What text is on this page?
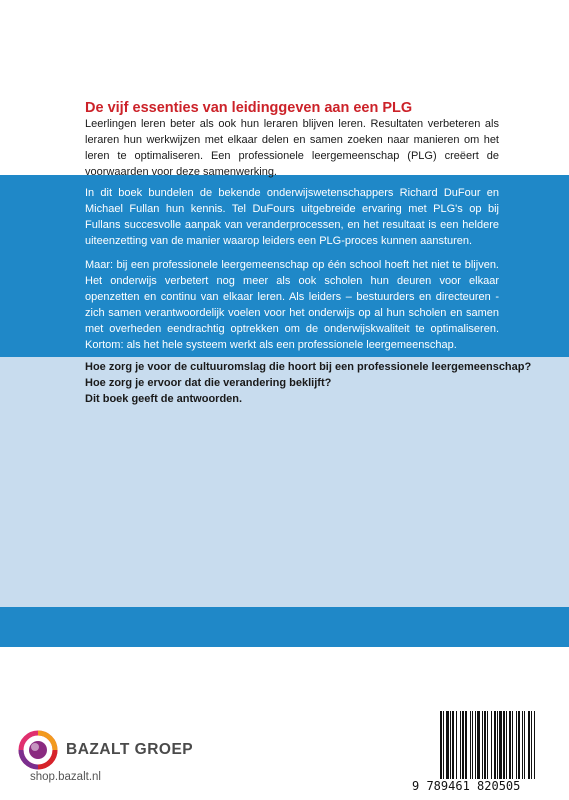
De vijf essenties van leidinggeven aan een PLG

Leerlingen leren beter als ook hun leraren blijven leren. Resultaten verbeteren als leraren hun werkwijzen met elkaar delen en samen zoeken naar manieren om het leren te optimaliseren. Een professionele leergemeenschap (PLG) creëert de voorwaarden voor deze samenwerking.

In dit boek bundelen de bekende onderwijswetenschappers Richard DuFour en Michael Fullan hun kennis. Tel DuFours uitgebreide ervaring met PLG's op bij Fullans succesvolle aanpak van veranderprocessen, en het resultaat is een heldere uiteenzetting van de manier waarop leiders een PLG-proces kunnen aansturen.

Maar: bij een professionele leergemeenschap op één school hoeft het niet te blijven. Het onderwijs verbetert nog meer als ook scholen hun deuren voor elkaar openzetten en continu van elkaar leren. Als leiders – bestuurders en directeuren - zich samen verantwoordelijk voelen voor het onderwijs op al hun scholen en samen met overheden eendrachtig optrekken om de onderwijskwaliteit te optimaliseren. Kortom: als het hele systeem werkt als een professionele leergemeenschap.

Hoe zorg je voor de cultuuromslag die hoort bij een professionele leergemeenschap?
Hoe zorg je ervoor dat die verandering beklijft?
Dit boek geeft de antwoorden.
BAZALT GROEP
shop.bazalt.nl
9 789461 820505
